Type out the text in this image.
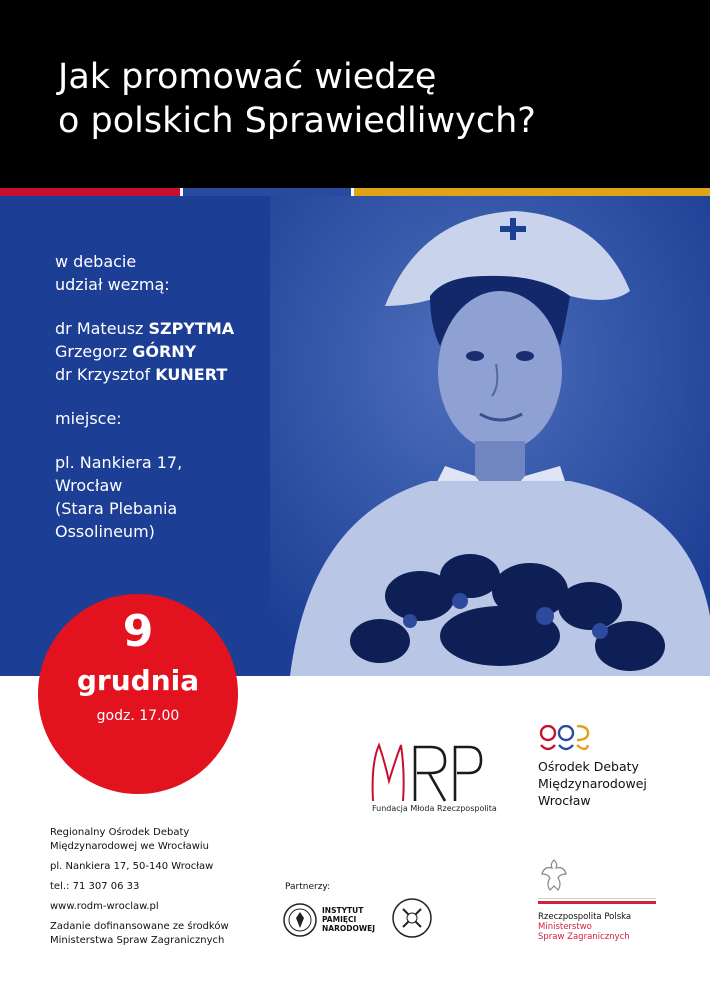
Jak promować wiedzę
o polskich Sprawiedliwych?
w debacie
udział wezmą:
dr Mateusz SZPYTMA
Grzegorz GÓRNY
dr Krzysztof KUNERT
miejsce:
pl. Nankiera 17,
Wrocław
(Stara Plebania
Ossolineum)
9
grudnia
godz. 17.00
Fundacja Młoda Rzeczpospolita
Ośrodek Debaty
Międzynarodowej
Wrocław
Regionalny Ośrodek Debaty
Międzynarodowej we Wrocławiu
pl. Nankiera 17, 50-140 Wrocław
tel.: 71 307 06 33
www.rodm-wroclaw.pl
Zadanie dofinansowane ze środków
Ministerstwa Spraw Zagranicznych
Partnerzy:
INSTYTUT
PAMIĘCI
NARODOWEJ
Rzeczpospolita Polska
Ministerstwo
Spraw Zagranicznych
